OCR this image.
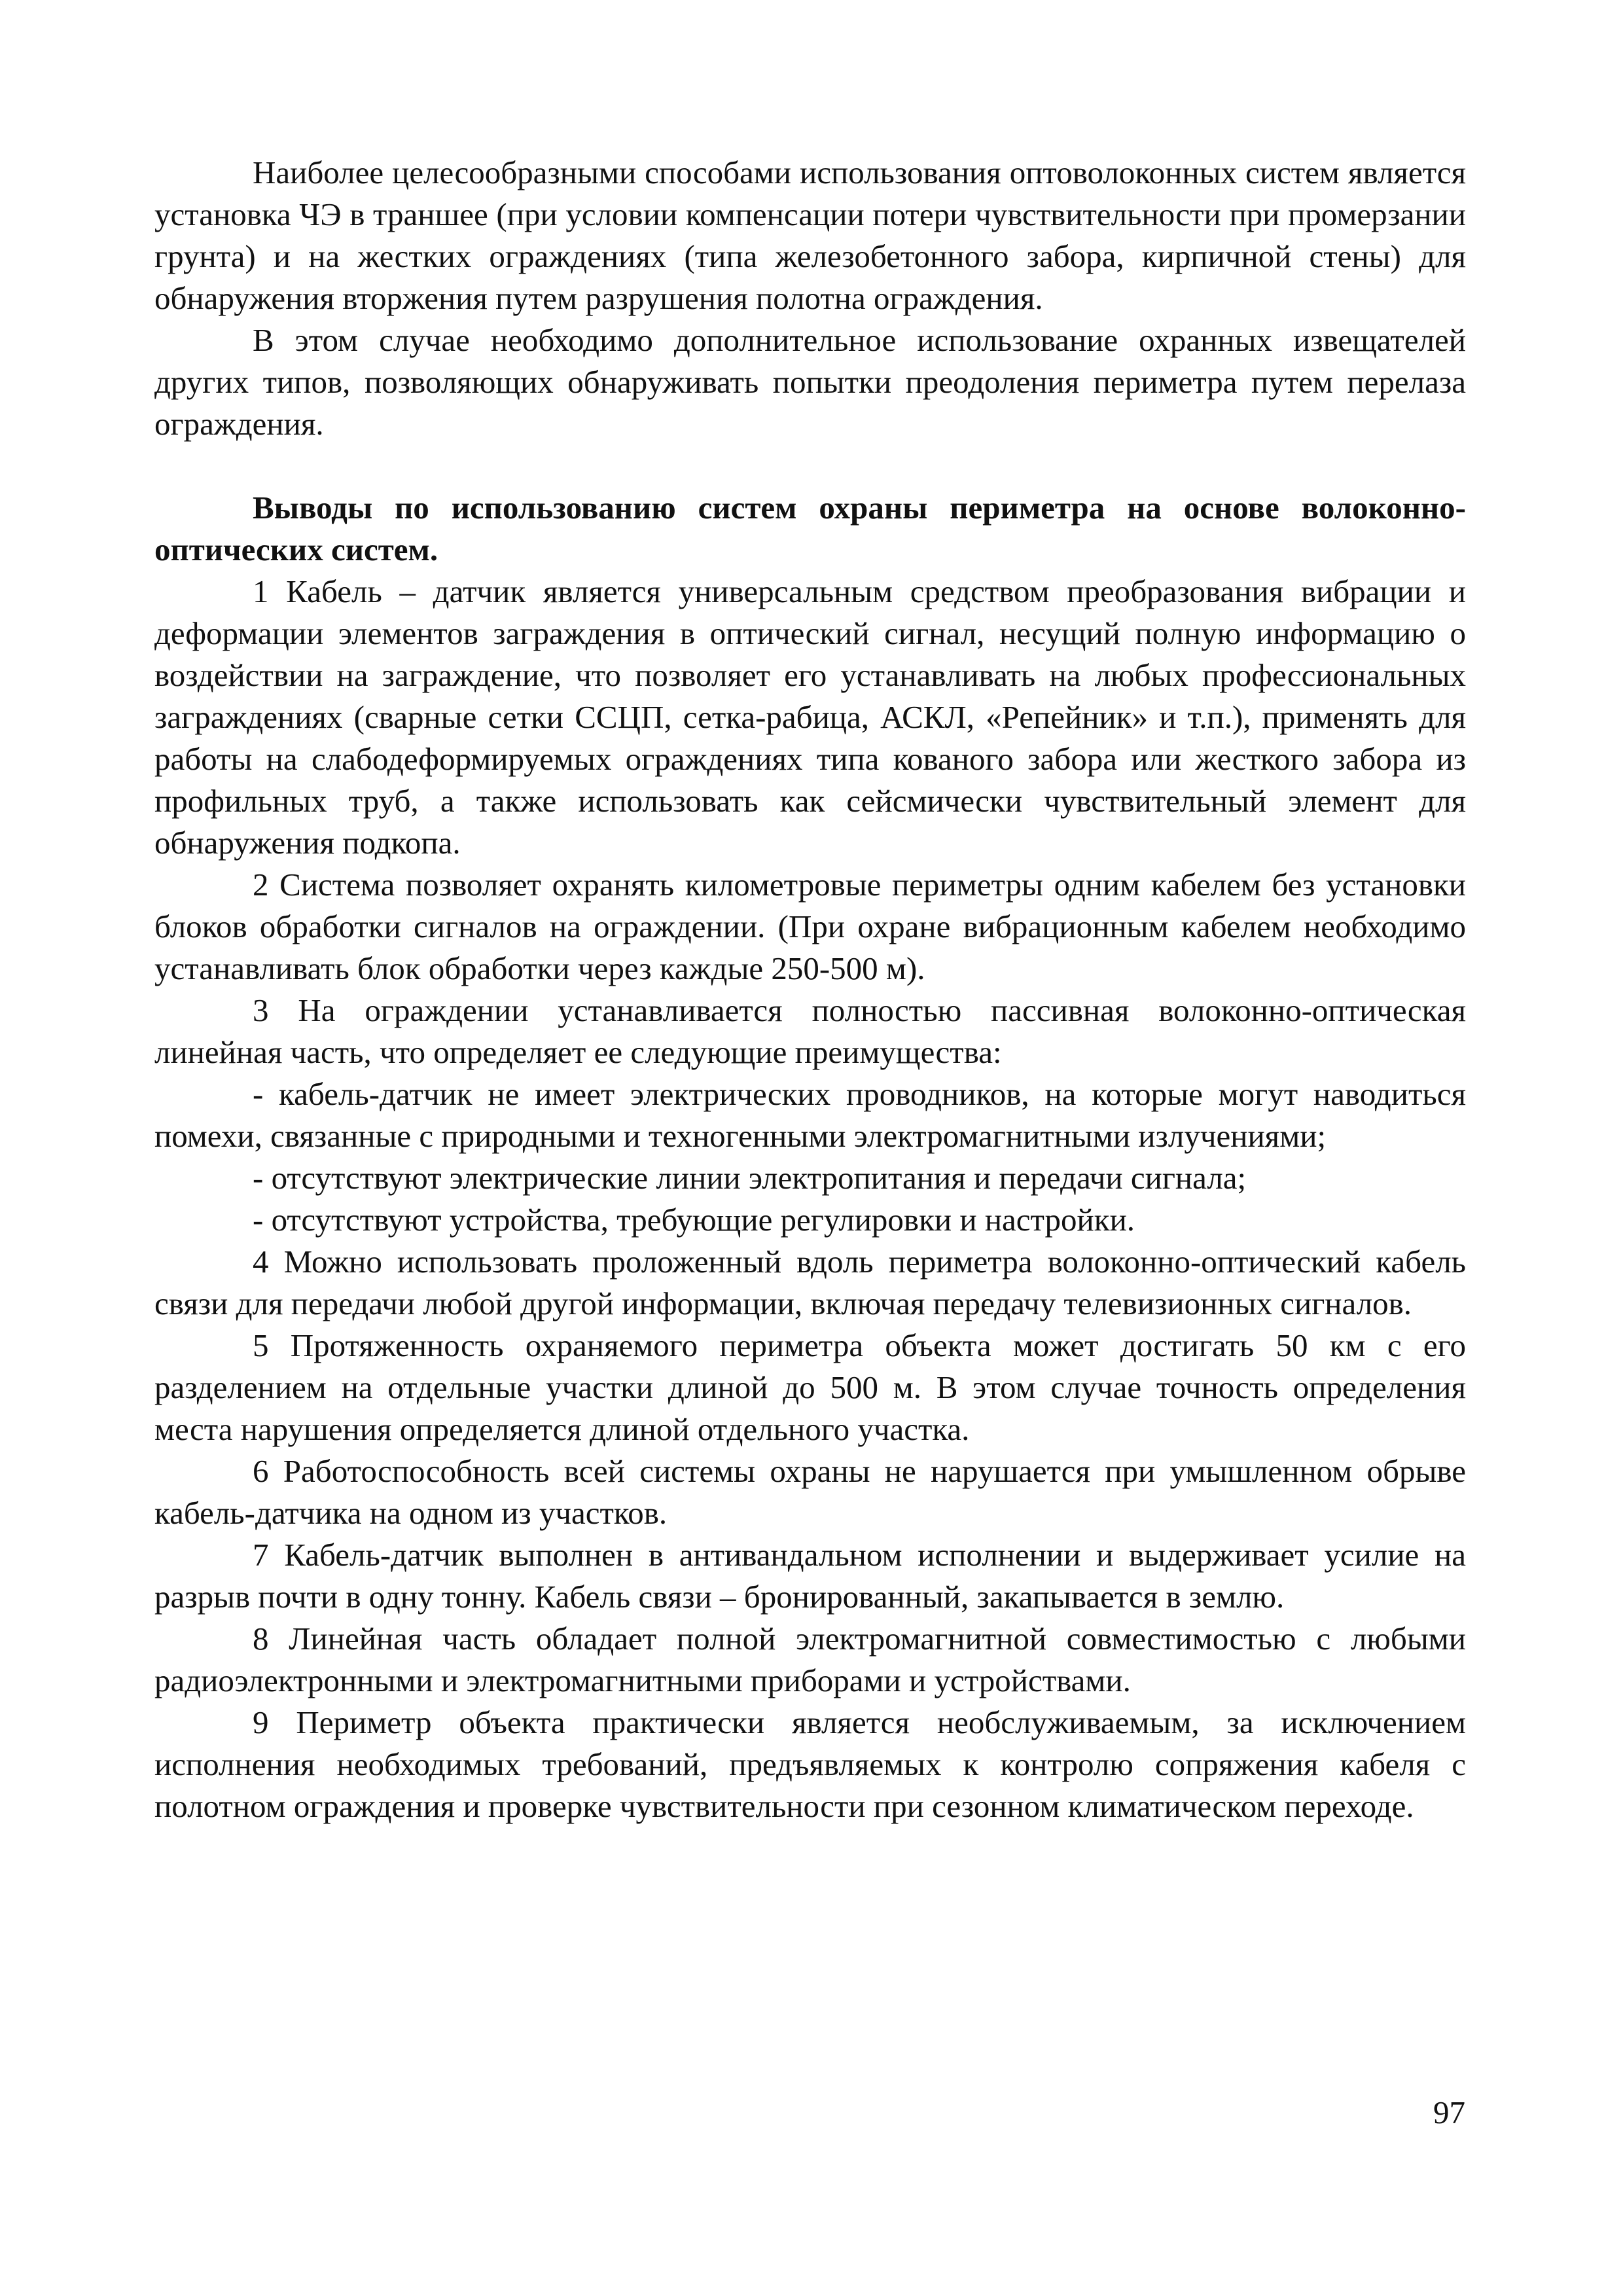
Наиболее целесообразными способами использования оптоволоконных систем является установка ЧЭ в траншее (при условии компенсации потери чувствительности при промерзании грунта) и на жестких ограждениях (типа железобетонного забора, кирпичной стены) для обнаружения вторжения путем разрушения полотна ограждения.

В этом случае необходимо дополнительное использование охранных извещателей других типов, позволяющих обнаруживать попытки преодоления периметра путем перелаза ограждения.

Выводы по использованию систем охраны периметра на основе волоконно-оптических систем.

1 Кабель – датчик является универсальным средством преобразования вибрации и деформации элементов заграждения в оптический сигнал, несущий полную информацию о воздействии на заграждение, что позволяет его устанавливать на любых профессиональных заграждениях (сварные сетки ССЦП, сетка-рабица, АСКЛ, «Репейник» и т.п.), применять для работы на слабодеформируемых ограждениях типа кованого забора или жесткого забора из профильных труб, а также использовать как сейсмически чувствительный элемент для обнаружения подкопа.

2 Система позволяет охранять километровые периметры одним кабелем без установки блоков обработки сигналов на ограждении. (При охране вибрационным кабелем необходимо устанавливать блок обработки через каждые 250-500 м).

3 На ограждении устанавливается полностью пассивная волоконно-оптическая линейная часть, что определяет ее следующие преимущества:

- кабель-датчик не имеет электрических проводников, на которые могут наводиться помехи, связанные с природными и техногенными электромагнитными излучениями;

- отсутствуют электрические линии электропитания и передачи сигнала;

- отсутствуют устройства, требующие регулировки и настройки.

4 Можно использовать проложенный вдоль периметра волоконно-оптический кабель связи для передачи любой другой информации, включая передачу телевизионных сигналов.

5 Протяженность охраняемого периметра объекта может достигать 50 км с его разделением на отдельные участки длиной до 500 м. В этом случае точность определения места нарушения определяется длиной отдельного участка.

6 Работоспособность всей системы охраны не нарушается при умышленном обрыве кабель-датчика на одном из участков.

7 Кабель-датчик выполнен в антивандальном исполнении и выдерживает усилие на разрыв почти в одну тонну. Кабель связи – бронированный, закапывается в землю.

8 Линейная часть обладает полной электромагнитной совместимостью с любыми радиоэлектронными и электромагнитными приборами и устройствами.

9 Периметр объекта практически является необслуживаемым, за исключением исполнения необходимых требований, предъявляемых к контролю сопряжения кабеля с полотном ограждения и проверке чувствительности при сезонном климатическом переходе.

97
